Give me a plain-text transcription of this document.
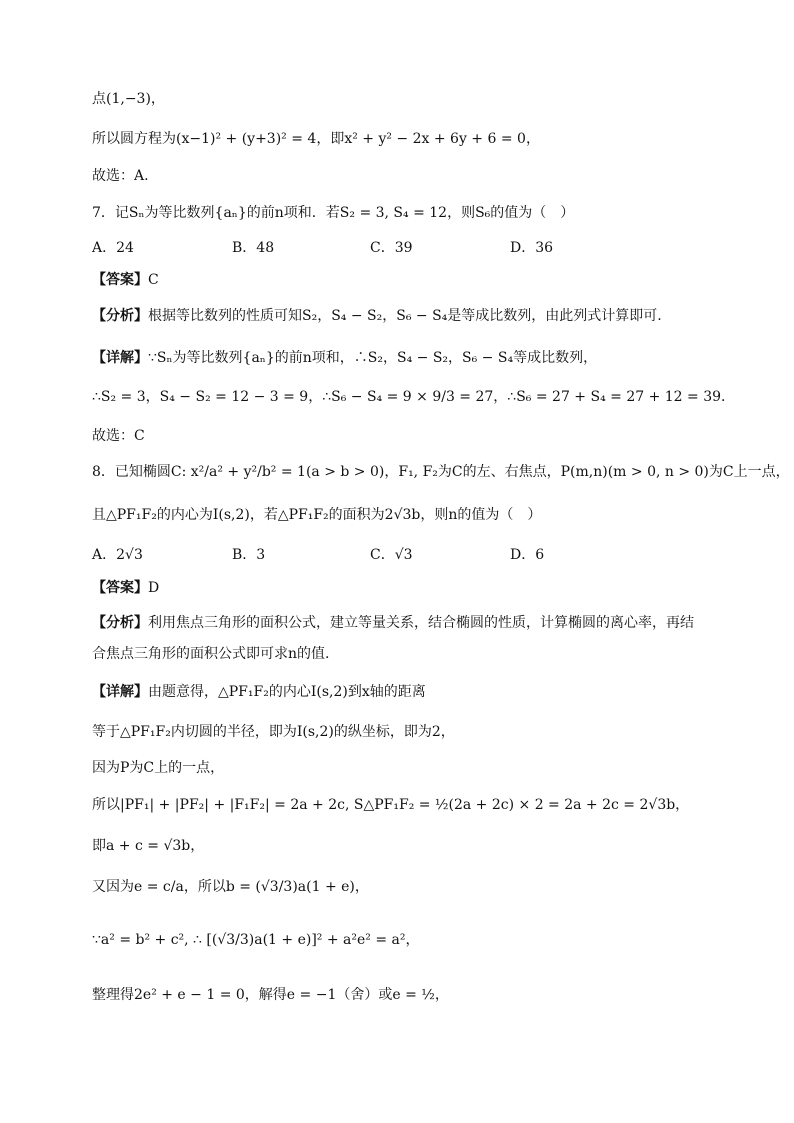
点(1,−3)，
所以圆方程为(x−1)² + (y+3)² = 4，即x² + y² − 2x + 6y + 6 = 0，
故选：A.
7．记Sₙ为等比数列{aₙ}的前n项和．若S₂ = 3, S₄ = 12，则S₆的值为（　）
A．24	B．48	C．39	D．36
【答案】C
【分析】根据等比数列的性质可知S₂，S₄ − S₂，S₆ − S₄是等成比数列，由此列式计算即可.
【详解】∵Sₙ为等比数列{aₙ}的前n项和，∴S₂，S₄ − S₂，S₆ − S₄等成比数列，
∴S₂ = 3，S₄ − S₂ = 12 − 3 = 9，∴S₆ − S₄ = 9 × 9/3 = 27，∴S₆ = 27 + S₄ = 27 + 12 = 39．
故选：C
8．已知椭圆C: x²/a² + y²/b² = 1(a > b > 0)，F₁, F₂为C的左、右焦点，P(m,n)(m > 0, n > 0)为C上一点，
且△PF₁F₂的内心为I(s,2)，若△PF₁F₂的面积为2√3b，则n的值为（　）
A．2√3	B．3	C．√3	D．6
【答案】D
【分析】利用焦点三角形的面积公式，建立等量关系，结合椭圆的性质，计算椭圆的离心率，再结
合焦点三角形的面积公式即可求n的值.
【详解】由题意得，△PF₁F₂的内心I(s,2)到x轴的距离
等于△PF₁F₂内切圆的半径，即为I(s,2)的纵坐标，即为2，
因为P为C上的一点，
所以|PF₁| + |PF₂| + |F₁F₂| = 2a + 2c, S△PF₁F₂ = ½(2a + 2c) × 2 = 2a + 2c = 2√3b，
即a + c = √3b，
又因为e = c/a，所以b = (√3/3)a(1 + e)，
∵a² = b² + c², ∴ [(√3/3)a(1 + e)]² + a²e² = a²，
整理得2e² + e − 1 = 0，解得e = −1（舍）或e = ½，
